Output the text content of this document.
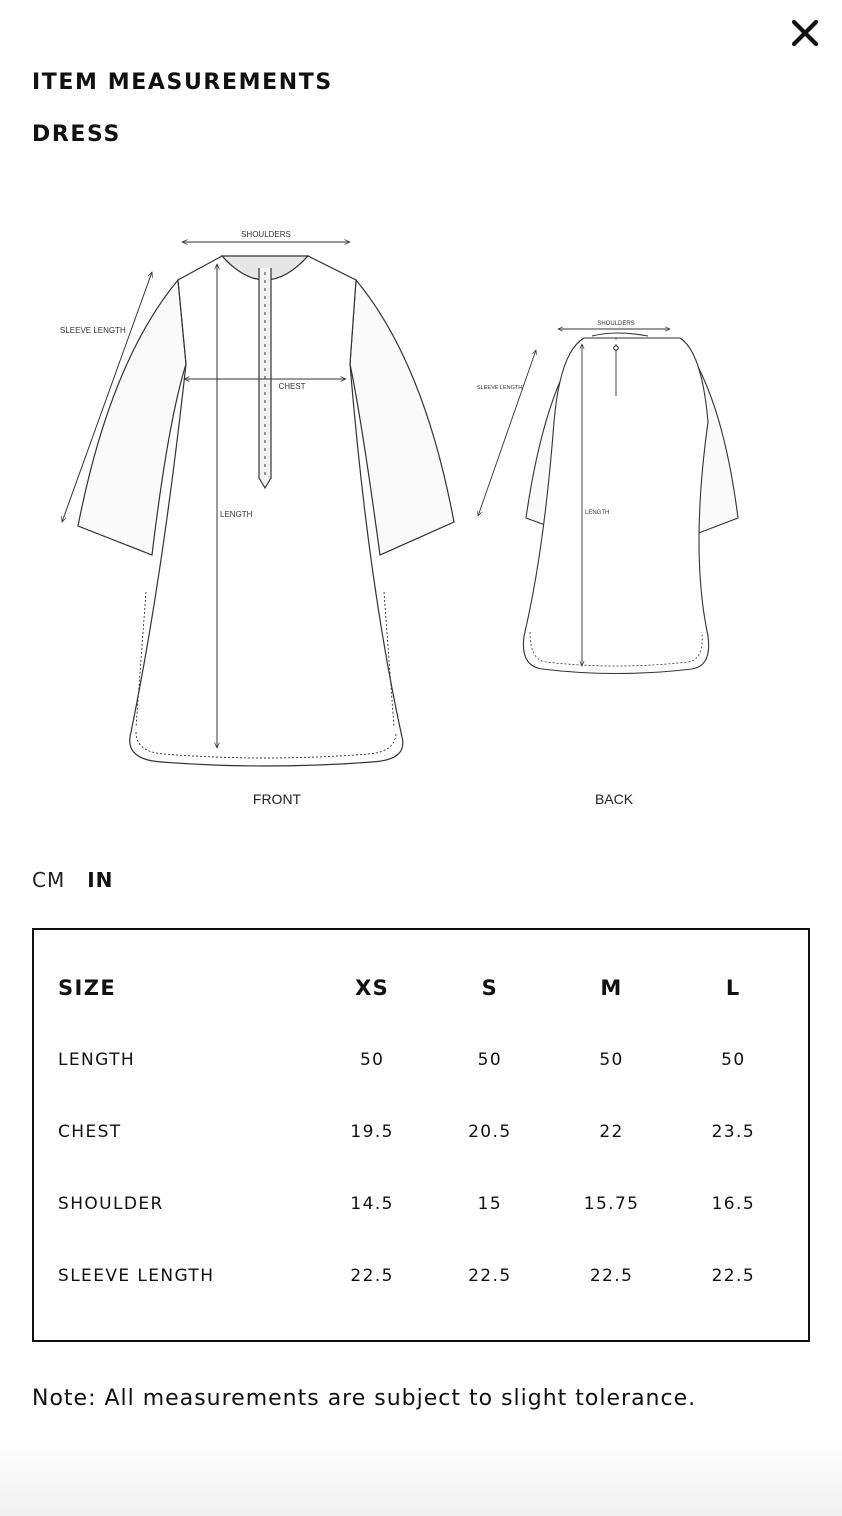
ITEM MEASUREMENTS
DRESS
SHOULDERS
SLEEVE LENGTH
CHEST
LENGTH
FRONT
SHOULDERS
SLEEVE LENGTH
LENGTH
BACK
CM IN
SIZE	XS	S	M	L
LENGTH	50	50	50	50
CHEST	19.5	20.5	22	23.5
SHOULDER	14.5	15	15.75	16.5
SLEEVE LENGTH	22.5	22.5	22.5	22.5
Note: All measurements are subject to slight tolerance.
